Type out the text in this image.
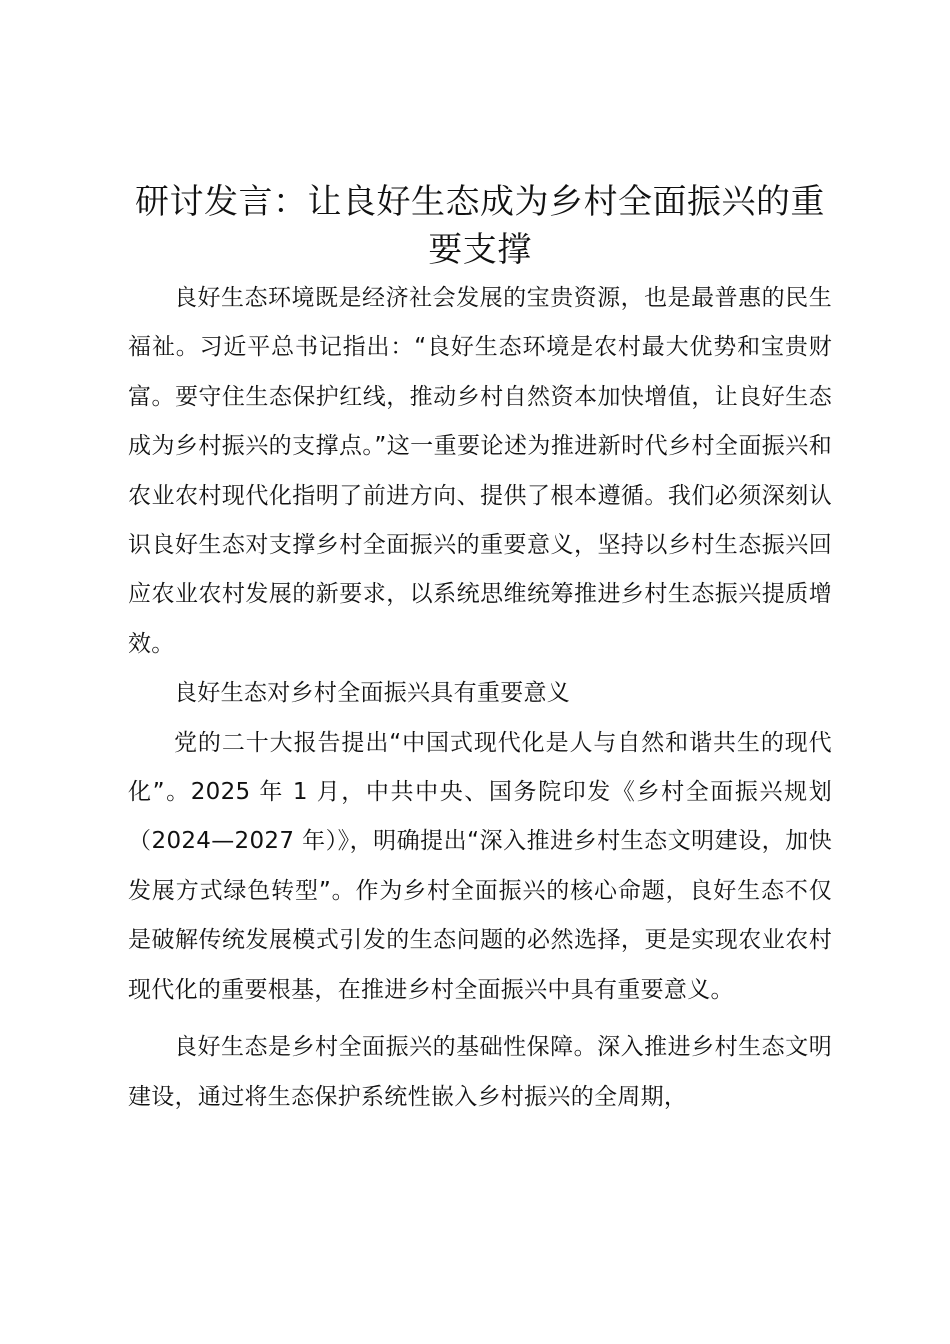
研讨发言：让良好生态成为乡村全面振兴的重要支撑

良好生态环境既是经济社会发展的宝贵资源，也是最普惠的民生福祉。习近平总书记指出：“良好生态环境是农村最大优势和宝贵财富。要守住生态保护红线，推动乡村自然资本加快增值，让良好生态成为乡村振兴的支撑点。”这一重要论述为推进新时代乡村全面振兴和农业农村现代化指明了前进方向、提供了根本遵循。我们必须深刻认识良好生态对支撑乡村全面振兴的重要意义，坚持以乡村生态振兴回应农业农村发展的新要求，以系统思维统筹推进乡村生态振兴提质增效。

良好生态对乡村全面振兴具有重要意义

党的二十大报告提出“中国式现代化是人与自然和谐共生的现代化”。2025 年 1 月，中共中央、国务院印发《乡村全面振兴规划（2024—2027 年）》，明确提出“深入推进乡村生态文明建设，加快发展方式绿色转型”。作为乡村全面振兴的核心命题，良好生态不仅是破解传统发展模式引发的生态问题的必然选择，更是实现农业农村现代化的重要根基，在推进乡村全面振兴中具有重要意义。

良好生态是乡村全面振兴的基础性保障。深入推进乡村生态文明建设，通过将生态保护系统性嵌入乡村振兴的全周期，
